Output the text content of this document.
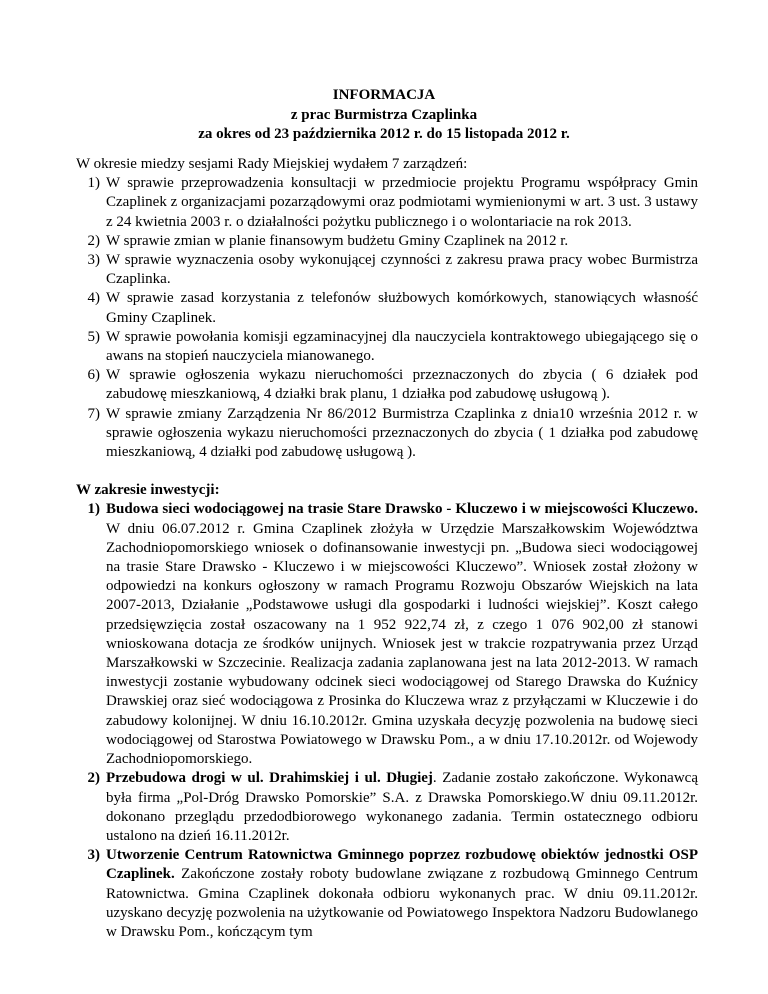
INFORMACJA
z prac Burmistrza Czaplinka
za okres od 23 października 2012 r. do 15 listopada 2012 r.

W okresie miedzy sesjami Rady Miejskiej wydałem 7 zarządzeń:

1) W sprawie przeprowadzenia konsultacji w przedmiocie projektu Programu współpracy Gmin Czaplinek z organizacjami pozarządowymi oraz podmiotami wymienionymi w art. 3 ust. 3 ustawy z 24 kwietnia 2003 r. o działalności pożytku publicznego i o wolontariacie na rok 2013.
2) W sprawie zmian w planie finansowym budżetu Gminy Czaplinek na 2012 r.
3) W sprawie wyznaczenia osoby wykonującej czynności z zakresu prawa pracy wobec Burmistrza Czaplinka.
4) W sprawie zasad korzystania z telefonów służbowych komórkowych, stanowiących własność Gminy Czaplinek.
5) W sprawie powołania komisji egzaminacyjnej dla nauczyciela kontraktowego ubiegającego się o awans na stopień nauczyciela mianowanego.
6) W sprawie ogłoszenia wykazu nieruchomości przeznaczonych do zbycia ( 6 działek pod zabudowę mieszkaniową, 4 działki brak planu, 1 działka pod zabudowę usługową ).
7) W sprawie zmiany Zarządzenia Nr 86/2012 Burmistrza Czaplinka z dnia10 września 2012 r. w sprawie ogłoszenia wykazu nieruchomości przeznaczonych do zbycia ( 1 działka pod zabudowę mieszkaniową, 4 działki pod zabudowę usługową ).
W zakresie inwestycji:
1) Budowa sieci wodociągowej na trasie Stare Drawsko - Kluczewo i w miejscowości Kluczewo. W dniu 06.07.2012 r. Gmina Czaplinek złożyła w Urzędzie Marszałkowskim Województwa Zachodniopomorskiego wniosek o dofinansowanie inwestycji pn. „Budowa sieci wodociągowej na trasie Stare Drawsko - Kluczewo i w miejscowości Kluczewo”. Wniosek został złożony w odpowiedzi na konkurs ogłoszony w ramach Programu Rozwoju Obszarów Wiejskich na lata 2007-2013, Działanie „Podstawowe usługi dla gospodarki i ludności wiejskiej”. Koszt całego przedsięwzięcia został oszacowany na 1 952 922,74 zł, z czego 1 076 902,00 zł stanowi wnioskowana dotacja ze środków unijnych. Wniosek jest w trakcie rozpatrywania przez Urząd Marszałkowski w Szczecinie. Realizacja zadania zaplanowana jest na lata 2012-2013. W ramach inwestycji zostanie wybudowany odcinek sieci wodociągowej od Starego Drawska do Kuźnicy Drawskiej oraz sieć wodociągowa z Prosinka do Kluczewa wraz z przyłączami w Kluczewie i do zabudowy kolonijnej. W dniu 16.10.2012r. Gmina uzyskała decyzję pozwolenia na budowę sieci wodociągowej od Starostwa Powiatowego w Drawsku Pom., a w dniu 17.10.2012r. od Wojewody Zachodniopomorskiego.
2) Przebudowa drogi w ul. Drahimskiej i ul. Długiej. Zadanie zostało zakończone. Wykonawcą była firma „Pol-Dróg Drawsko Pomorskie” S.A. z Drawska Pomorskiego.W dniu 09.11.2012r. dokonano przeglądu przedodbiorowego wykonanego zadania. Termin ostatecznego odbioru ustalono na dzień 16.11.2012r.
3) Utworzenie Centrum Ratownictwa Gminnego poprzez rozbudowę obiektów jednostki OSP Czaplinek. Zakończone zostały roboty budowlane związane z rozbudową Gminnego Centrum Ratownictwa. Gmina Czaplinek dokonała odbioru wykonanych prac. W dniu 09.11.2012r. uzyskano decyzję pozwolenia na użytkowanie od Powiatowego Inspektora Nadzoru Budowlanego w Drawsku Pom., kończącym tym
